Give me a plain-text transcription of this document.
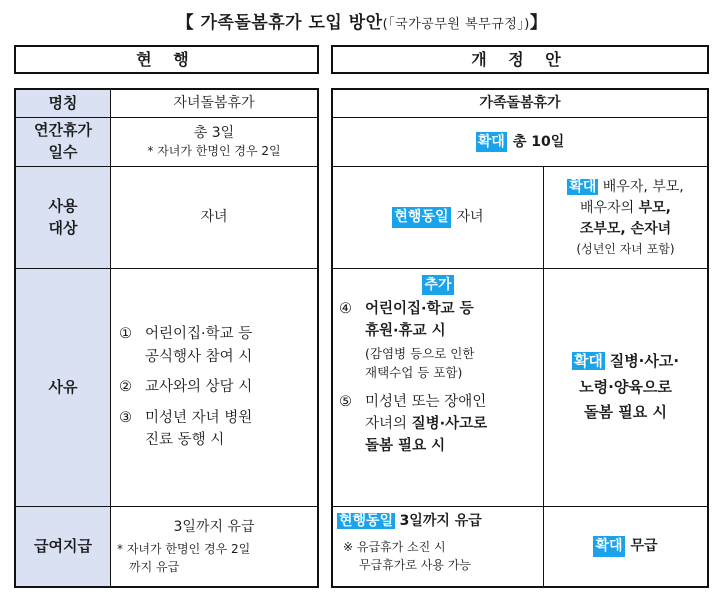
【 가족돌봄휴가 도입 방안(｢국가공무원 복무규정｣)】
현 행	개 정 안
명칭	자녀돌봄휴가
연간휴가
일수
총 3일
* 자녀가 한명인 경우 2일
사용
대상
자녀
사유
① 어린이집·학교 등
공식행사 참여 시
② 교사와의 상담 시
③ 미성년 자녀 병원
진료 동행 시
급여지급
3일까지 유급
* 자녀가 한명인 경우 2일
까지 유급
가족돌봄휴가
확대 총 10일
현행동일 자녀
확대 배우자, 부모,
배우자의 부모,
조부모, 손자녀
(성년인 자녀 포함)
추가
④ 어린이집·학교 등
휴원·휴교 시
(감염병 등으로 인한
재택수업 등 포함)
⑤ 미성년 또는 장애인
자녀의 질병·사고로
돌봄 필요 시
확대 질병·사고·
노령·양육으로
돌봄 필요 시
현행동일 3일까지 유급
※ 유급휴가 소진 시
무급휴가로 사용 가능
확대 무급
